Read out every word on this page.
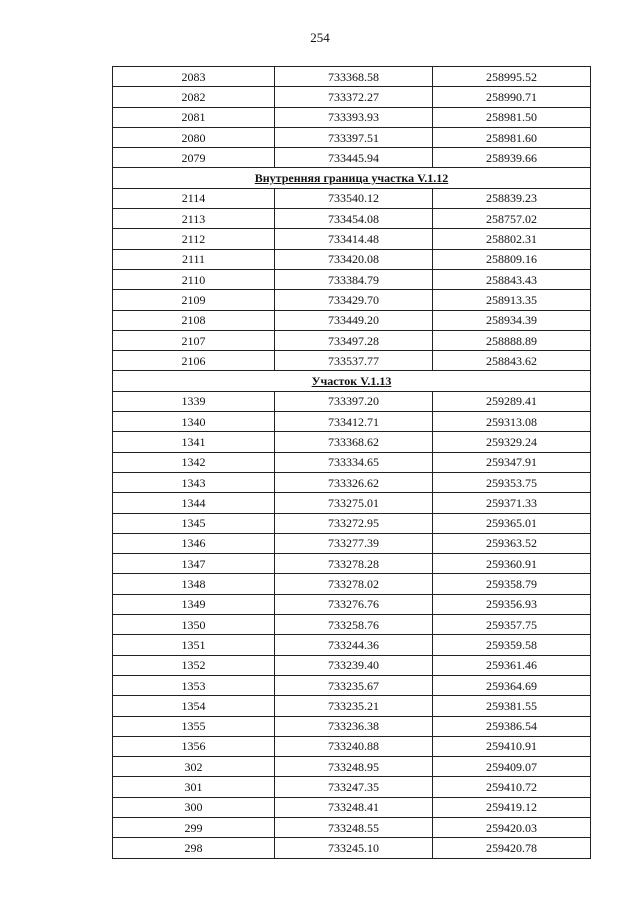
254
2083	733368.58	258995.52
2082	733372.27	258990.71
2081	733393.93	258981.50
2080	733397.51	258981.60
2079	733445.94	258939.66
Внутренняя граница участка V.1.12		
2114	733540.12	258839.23
2113	733454.08	258757.02
2112	733414.48	258802.31
2111	733420.08	258809.16
2110	733384.79	258843.43
2109	733429.70	258913.35
2108	733449.20	258934.39
2107	733497.28	258888.89
2106	733537.77	258843.62
Участок V.1.13		
1339	733397.20	259289.41
1340	733412.71	259313.08
1341	733368.62	259329.24
1342	733334.65	259347.91
1343	733326.62	259353.75
1344	733275.01	259371.33
1345	733272.95	259365.01
1346	733277.39	259363.52
1347	733278.28	259360.91
1348	733278.02	259358.79
1349	733276.76	259356.93
1350	733258.76	259357.75
1351	733244.36	259359.58
1352	733239.40	259361.46
1353	733235.67	259364.69
1354	733235.21	259381.55
1355	733236.38	259386.54
1356	733240.88	259410.91
302	733248.95	259409.07
301	733247.35	259410.72
300	733248.41	259419.12
299	733248.55	259420.03
298	733245.10	259420.78
